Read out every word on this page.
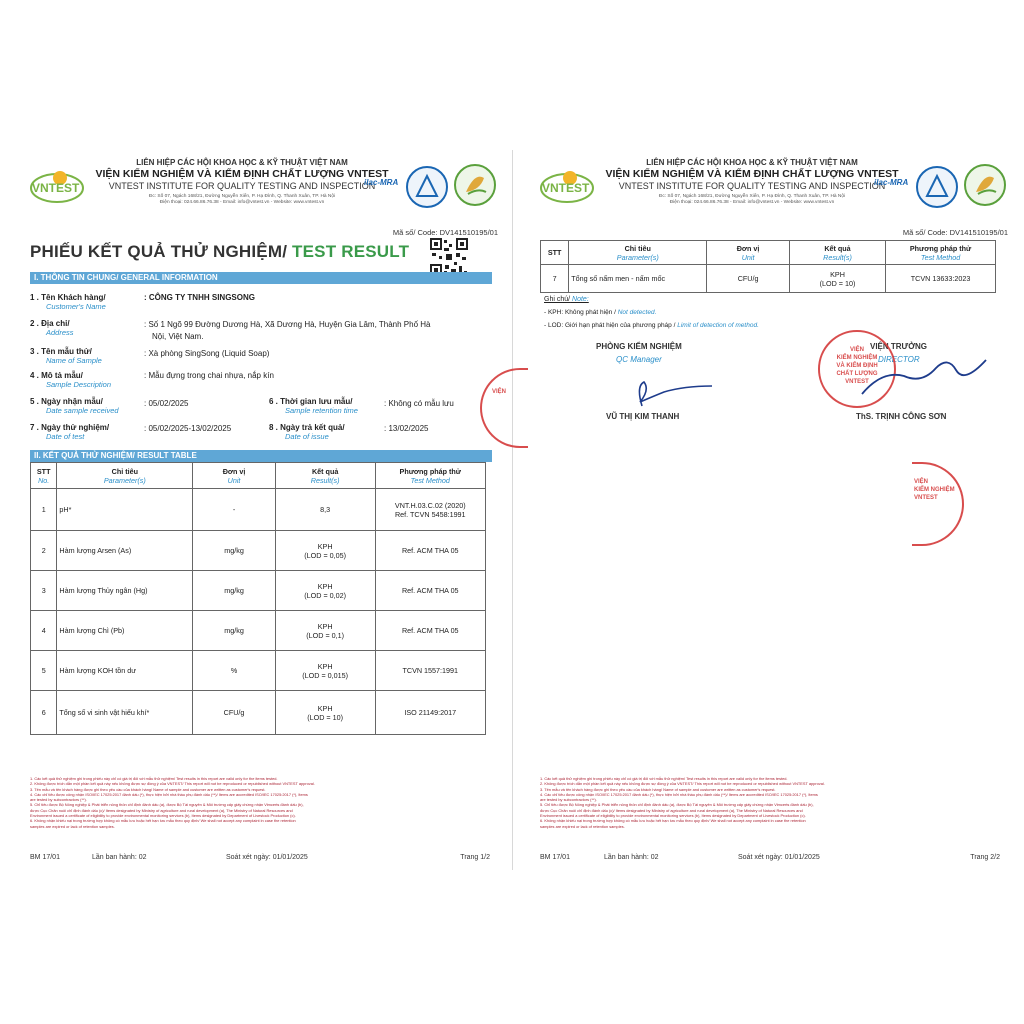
VNTEST
LIÊN HIỆP CÁC HỘI KHOA HỌC & KỸ THUẬT VIỆT NAM
VIỆN KIỂM NGHIỆM VÀ KIỂM ĐỊNH CHẤT LƯỢNG VNTEST
VNTEST INSTITUTE FOR QUALITY TESTING AND INSPECTION
Đc: Số 07, Ngách 168/21, Đường Nguyễn Xiển, P. Hạ Đình, Q. Thanh Xuân, TP. Hà Nội
Điện thoại: 024.66.86.76.38 - Email: info@vntest.vn - Website: www.vntest.vn
ilac-MRA
Mã số/ Code: DV141510195/01
PHIẾU KẾT QUẢ THỬ NGHIỆM/ TEST RESULT
I. THÔNG TIN CHUNG/ GENERAL INFORMATION
1 . Tên Khách hàng/
Customer's Name
: CÔNG TY TNHH SINGSONG
2 . Địa chỉ/
Address
: Số 1 Ngõ 99 Đường Dương Hà, Xã Dương Hà, Huyện Gia Lâm, Thành Phố Hà
Nội, Việt Nam.
3 . Tên mẫu thử/
Name of Sample
: Xà phòng SingSong (Liquid Soap)
4 . Mô tả mẫu/
Sample Description
: Mẫu đựng trong chai nhựa, nắp kín
5 . Ngày nhận mẫu/
Date sample received
: 05/02/2025	6 . Thời gian lưu mẫu/
Sample retention time
: Không có mẫu lưu
7 . Ngày thử nghiệm/
Date of test
: 05/02/2025-13/02/2025	8 . Ngày trả kết quả/
Date of issue
: 13/02/2025
II. KẾT QUẢ THỬ NGHIỆM/ RESULT TABLE
STT
No.	Chỉ tiêu
Parameter(s)	Đơn vị
Unit	Kết quả
Result(s)	Phương pháp thử
Test Method

1	pH*	-	8,3	VNT.H.03.C.02 (2020)
Ref. TCVN 5458:1991
2	Hàm lượng Arsen (As)	mg/kg	KPH
(LOD = 0,05)	Ref. ACM THA 05
3	Hàm lượng Thủy ngân (Hg)	mg/kg	KPH
(LOD = 0,02)	Ref. ACM THA 05
4	Hàm lượng Chì (Pb)	mg/kg	KPH
(LOD = 0,1)	Ref. ACM THA 05
5	Hàm lượng KOH tồn dư	%	KPH
(LOD = 0,015)	TCVN 1557:1991
6	Tổng số vi sinh vật hiếu khí*	CFU/g	KPH
(LOD = 10)	ISO 21149:2017
VIỆN
1. Các kết quả thử nghiệm ghi trong phiếu này chỉ có giá trị đối với mẫu thử nghiệm/ Test results in this report are valid only for the items tested.
2. Không được trích dẫn một phần kết quả này nếu không được sự đồng ý của VNTEST/ This report will not be reproduced or republished without VNTEST approval.
3. Tên mẫu và tên khách hàng được ghi theo yêu cầu của khách hàng/ Name of sample and customer are written as customer's request.
4. Các chỉ tiêu được công nhận ISO/IEC 17025:2017 đánh dấu (*), thực hiện bởi nhà thầu phụ đánh dấu (**)/ Items are accredited ISO/IEC 17025:2017 (*), Items
are tested by subcontractors (**).
5. Chỉ tiêu được Bộ Nông nghiệp & Phát triển nông thôn chỉ định đánh dấu (a), được Bộ Tài nguyên & Môi trường cấp giấy chứng nhận Vimcerts đánh dấu (b),
được Cục Chăn nuôi chỉ định đánh dấu (c)/ Items designated by Ministry of agriculture and rural development (a), The Ministry of Natural Resources and
Environment issued a certificate of eligibility to provide environmental monitoring services (b), Items designated by Department of Livestock Production (c).
6. Không nhận khiếu nại trong trường hợp không có mẫu lưu hoặc hết hạn lưu mẫu theo quy định/ We shall not accept any complaint in case the retention
samples are expired or lack of retention samples.
BM 17/01	Lần ban hành: 02	Soát xét ngày: 01/01/2025	Trang 1/2
VNTEST
LIÊN HIỆP CÁC HỘI KHOA HỌC & KỸ THUẬT VIỆT NAM
VIỆN KIỂM NGHIỆM VÀ KIỂM ĐỊNH CHẤT LƯỢNG VNTEST
VNTEST INSTITUTE FOR QUALITY TESTING AND INSPECTION
Đc: Số 07, Ngách 168/21, Đường Nguyễn Xiển, P. Hạ Đình, Q. Thanh Xuân, TP. Hà Nội
Điện thoại: 024.66.86.76.38 - Email: info@vntest.vn - Website: www.vntest.vn
ilac-MRA
Mã số/ Code: DV141510195/01
STT	Chỉ tiêu
Parameter(s)	Đơn vị
Unit	Kết quả
Result(s)	Phương pháp thử
Test Method

7	Tổng số nấm men - nấm mốc	CFU/g	KPH
(LOD = 10)	TCVN 13633:2023
Ghi chú/ Note:
- KPH: Không phát hiện / Not detected.
- LOD: Giới hạn phát hiện của phương pháp / Limit of detection of method.
PHÒNG KIỂM NGHIỆM
QC Manager
VŨ THỊ KIM THANH
VIỆN TRƯỞNG
DIRECTOR
VIỆN
KIỂM NGHIỆM
VÀ KIỂM ĐỊNH
CHẤT LƯỢNG
VNTEST
ThS. TRỊNH CÔNG SƠN
VIỆN
KIỂM NGHIỆM
VNTEST
1. Các kết quả thử nghiệm ghi trong phiếu này chỉ có giá trị đối với mẫu thử nghiệm/ Test results in this report are valid only for the items tested.
2. Không được trích dẫn một phần kết quả này nếu không được sự đồng ý của VNTEST/ This report will not be reproduced or republished without VNTEST approval.
3. Tên mẫu và tên khách hàng được ghi theo yêu cầu của khách hàng/ Name of sample and customer are written as customer's request.
4. Các chỉ tiêu được công nhận ISO/IEC 17025:2017 đánh dấu (*), thực hiện bởi nhà thầu phụ đánh dấu (**)/ Items are accredited ISO/IEC 17025:2017 (*), Items
are tested by subcontractors (**).
5. Chỉ tiêu được Bộ Nông nghiệp & Phát triển nông thôn chỉ định đánh dấu (a), được Bộ Tài nguyên & Môi trường cấp giấy chứng nhận Vimcerts đánh dấu (b),
được Cục Chăn nuôi chỉ định đánh dấu (c)/ Items designated by Ministry of agriculture and rural development (a), The Ministry of Natural Resources and
Environment issued a certificate of eligibility to provide environmental monitoring services (b), Items designated by Department of Livestock Production (c).
6. Không nhận khiếu nại trong trường hợp không có mẫu lưu hoặc hết hạn lưu mẫu theo quy định/ We shall not accept any complaint in case the retention
samples are expired or lack of retention samples.
BM 17/01	Lần ban hành: 02	Soát xét ngày: 01/01/2025	Trang 2/2
